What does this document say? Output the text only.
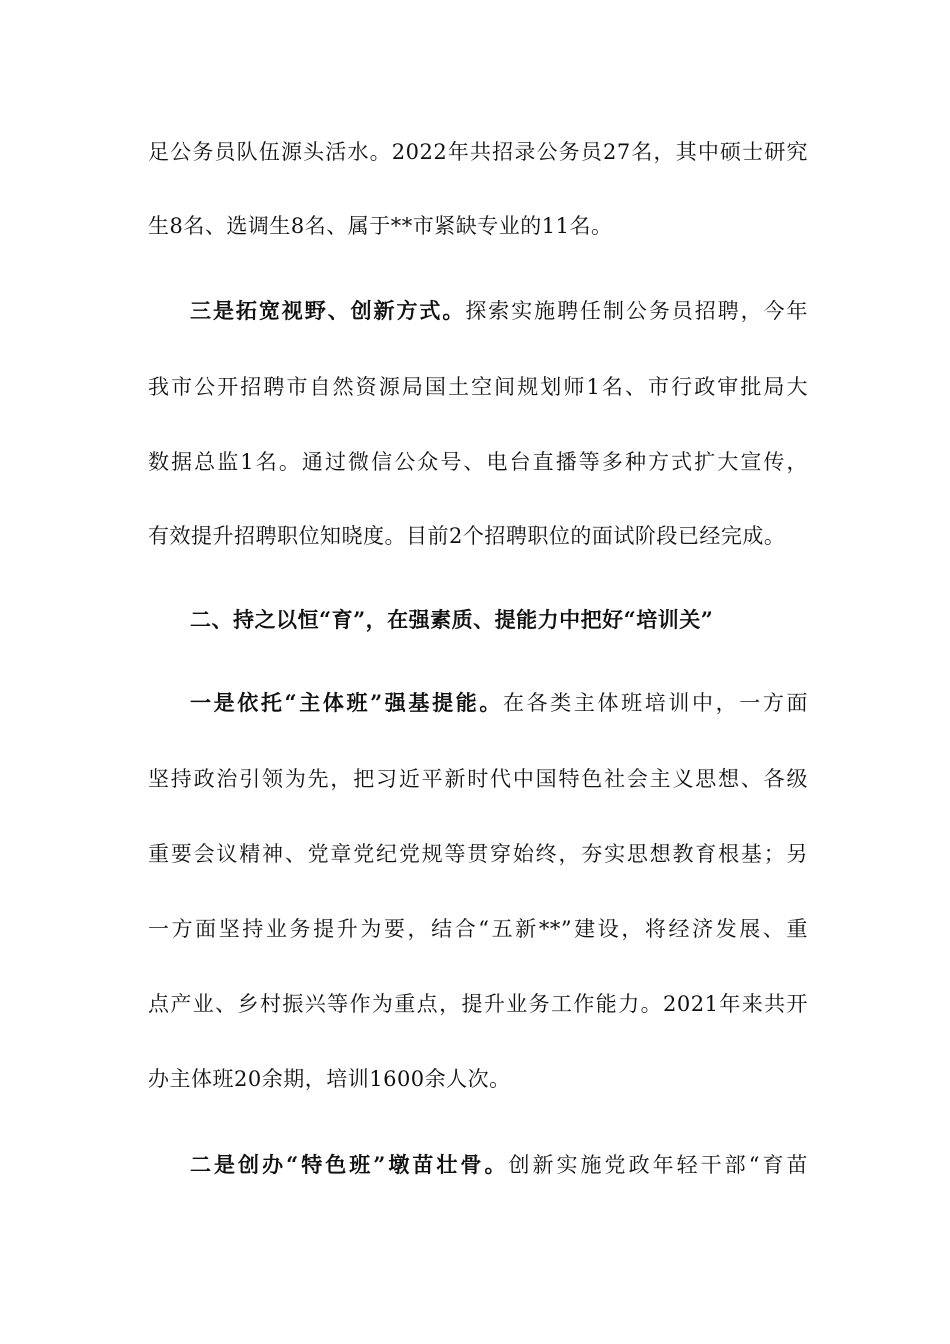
足公务员队伍源头活水。2022年共招录公务员27名，其中硕士研究
生8名、选调生8名、属于**市紧缺专业的11名。
三是拓宽视野、创新方式。探索实施聘任制公务员招聘，今年
我市公开招聘市自然资源局国土空间规划师1名、市行政审批局大
数据总监1名。通过微信公众号、电台直播等多种方式扩大宣传，
有效提升招聘职位知晓度。目前2个招聘职位的面试阶段已经完成。
二、持之以恒“育”，在强素质、提能力中把好“培训关”
一是依托“主体班”强基提能。在各类主体班培训中，一方面
坚持政治引领为先，把习近平新时代中国特色社会主义思想、各级
重要会议精神、党章党纪党规等贯穿始终，夯实思想教育根基；另
一方面坚持业务提升为要，结合“五新**”建设，将经济发展、重
点产业、乡村振兴等作为重点，提升业务工作能力。2021年来共开
办主体班20余期，培训1600余人次。
二是创办“特色班”墩苗壮骨。创新实施党政年轻干部“育苗
